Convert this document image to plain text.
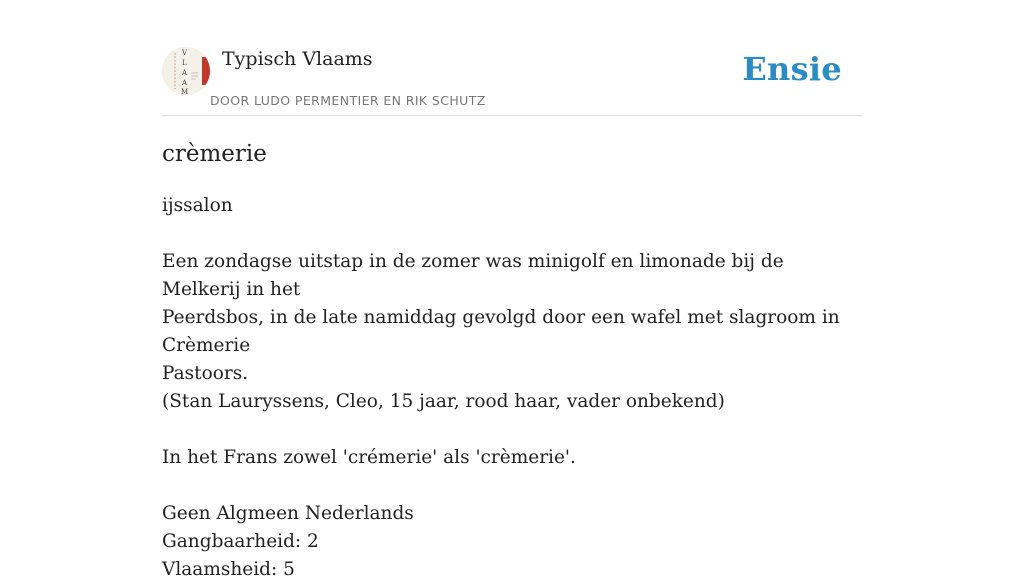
V
L
A
A
M
Typisch Vlaams
DOOR LUDO PERMENTIER EN RIK SCHUTZ
Ensie
crèmerie

ijssalon

Een zondagse uitstap in de zomer was minigolf en limonade bij de Melkerij in het

Peerdsbos, in de late namiddag gevolgd door een wafel met slagroom in Crèmerie

Pastoors.

(Stan Lauryssens, Cleo, 15 jaar, rood haar, vader onbekend)

In het Frans zowel 'crémerie' als 'crèmerie'.

Geen Algmeen Nederlands

Gangbaarheid: 2

Vlaamsheid: 5
